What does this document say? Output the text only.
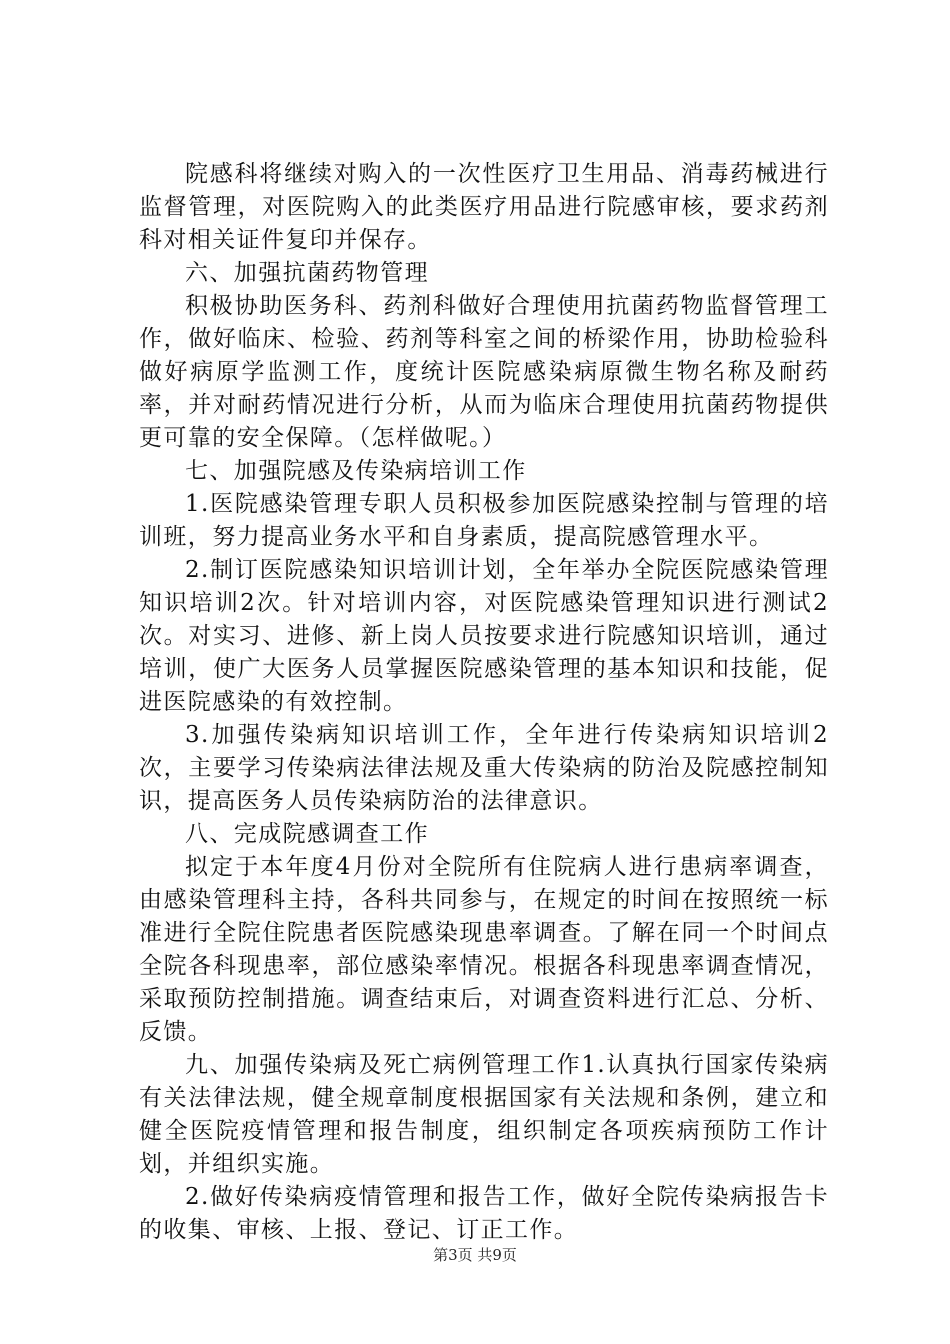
院感科将继续对购入的一次性医疗卫生用品、消毒药械进行监督管理，对医院购入的此类医疗用品进行院感审核，要求药剂科对相关证件复印并保存。

六、加强抗菌药物管理

积极协助医务科、药剂科做好合理使用抗菌药物监督管理工作，做好临床、检验、药剂等科室之间的桥梁作用，协助检验科做好病原学监测工作，度统计医院感染病原微生物名称及耐药率，并对耐药情况进行分析，从而为临床合理使用抗菌药物提供更可靠的安全保障。（怎样做呢。）

七、加强院感及传染病培训工作

1.医院感染管理专职人员积极参加医院感染控制与管理的培训班，努力提高业务水平和自身素质，提高院感管理水平。

2.制订医院感染知识培训计划，全年举办全院医院感染管理知识培训2次。针对培训内容，对医院感染管理知识进行测试2次。对实习、进修、新上岗人员按要求进行院感知识培训，通过培训，使广大医务人员掌握医院感染管理的基本知识和技能，促进医院感染的有效控制。

3.加强传染病知识培训工作，全年进行传染病知识培训2次，主要学习传染病法律法规及重大传染病的防治及院感控制知识，提高医务人员传染病防治的法律意识。

八、完成院感调查工作

拟定于本年度4月份对全院所有住院病人进行患病率调查，由感染管理科主持，各科共同参与，在规定的时间在按照统一标准进行全院住院患者医院感染现患率调查。了解在同一个时间点全院各科现患率，部位感染率情况。根据各科现患率调查情况，采取预防控制措施。调查结束后，对调查资料进行汇总、分析、反馈。

九、加强传染病及死亡病例管理工作1.认真执行国家传染病有关法律法规，健全规章制度根据国家有关法规和条例，建立和健全医院疫情管理和报告制度，组织制定各项疾病预防工作计划，并组织实施。

2.做好传染病疫情管理和报告工作，做好全院传染病报告卡的收集、审核、上报、登记、订正工作。

第3页 共9页
